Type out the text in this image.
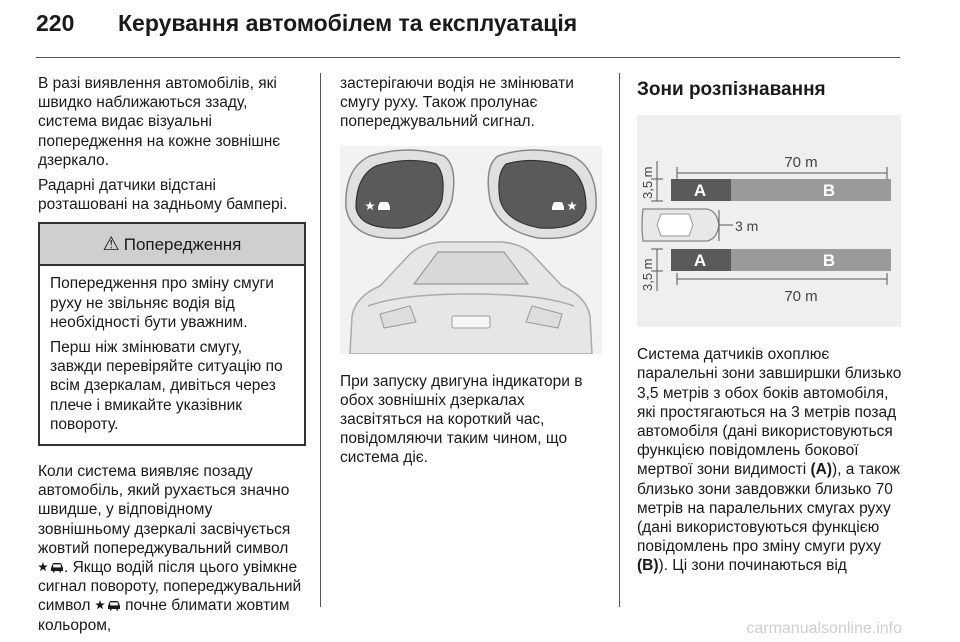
220	Керування автомобілем та експлуатація

В разі виявлення автомобілів, які швидко наближаються ззаду, система видає візуальні попередження на кожне зовнішнє дзеркало.

Радарні датчики відстані розташовані на задньому бампері.

⚠ Попередження

Попередження про зміну смуги руху не звільняє водія від необхідності бути уважним.

Перш ніж змінювати смугу, завжди перевіряйте ситуацію по всім дзеркалам, дивіться через плече і вмикайте указівник повороту.

Коли система виявляє позаду автомобіль, який рухається значно швидше, у відповідному зовнішньому дзеркалі засвічується жовтий попереджувальний символ . Якщо водій після цього увімкне сигнал повороту, попереджувальний символ  почне блимати жовтим кольором,

застерігаючи водія не змінювати смугу руху. Також пролунає попереджувальний сигнал.

При запуску двигуна індикатори в обох зовнішніх дзеркалах засвітяться на короткий час, повідомляючи таким чином, що система діє.

Зони розпізнавання
70 m
A	B
3,5 m
3 m
A	B
3,5 m
70 m

Система датчиків охоплює паралельні зони завширшки близько 3,5 метрів з обох боків автомобіля, які простягаються на 3 метрів позад автомобіля (дані використовуються функцією повідомлень бокової мертвої зони видимості (A)), а також близько зони завдовжки близько 70 метрів на паралельних смугах руху (дані використовуються функцією повідомлень про зміну смуги руху (B)). Ці зони починаються від

carmanualsonline.info
